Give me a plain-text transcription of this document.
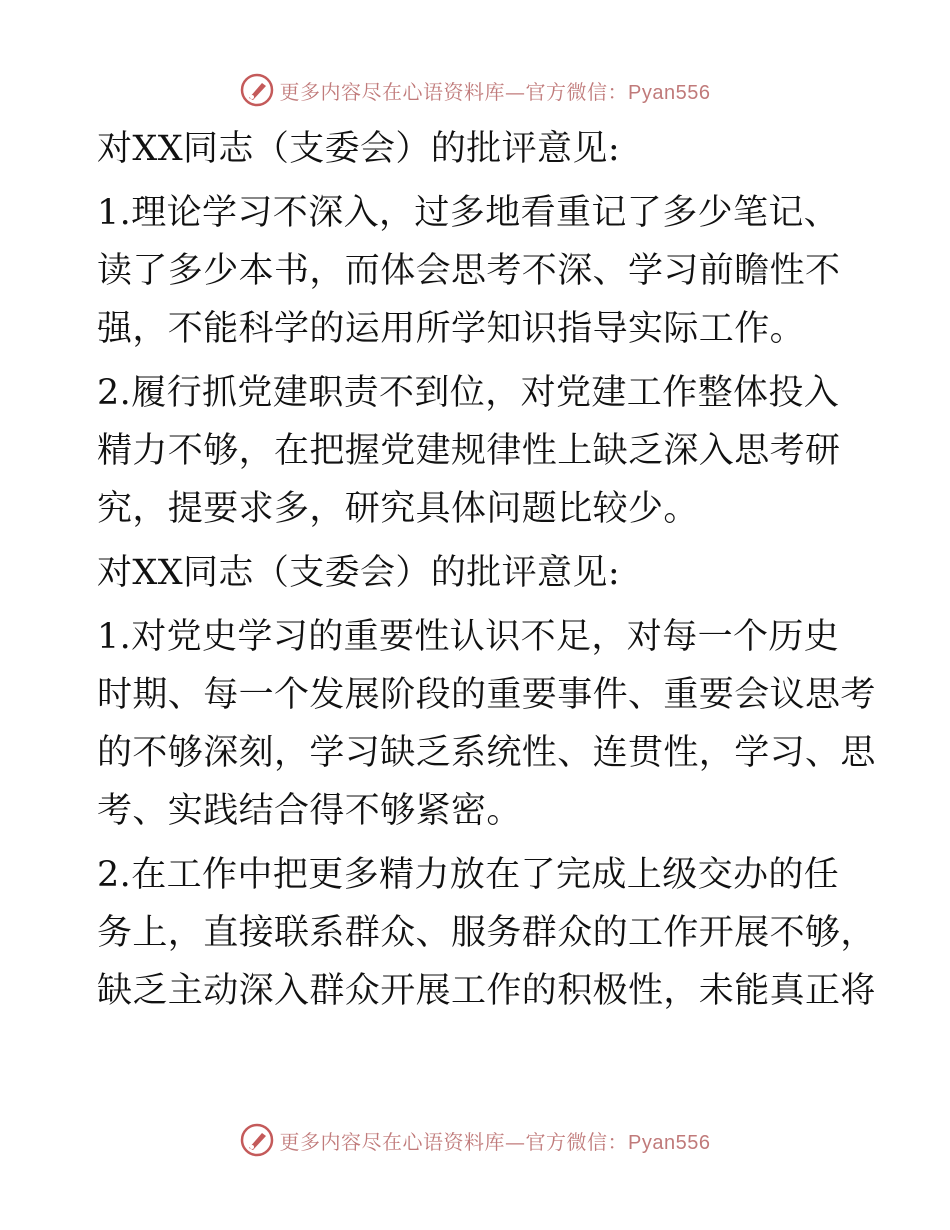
更多内容尽在心语资料库—官方微信：Pyan556
对XX同志（支委会）的批评意见:
1.理论学习不深入，过多地看重记了多少笔记、
读了多少本书，而体会思考不深、学习前瞻性不
强，不能科学的运用所学知识指导实际工作。
2.履行抓党建职责不到位，对党建工作整体投入
精力不够，在把握党建规律性上缺乏深入思考研
究，提要求多，研究具体问题比较少。
对XX同志（支委会）的批评意见:
1.对党史学习的重要性认识不足，对每一个历史
时期、每一个发展阶段的重要事件、重要会议思考
的不够深刻，学习缺乏系统性、连贯性，学习、思
考、实践结合得不够紧密。
2.在工作中把更多精力放在了完成上级交办的任
务上，直接联系群众、服务群众的工作开展不够，
缺乏主动深入群众开展工作的积极性，未能真正将
更多内容尽在心语资料库—官方微信：Pyan556
